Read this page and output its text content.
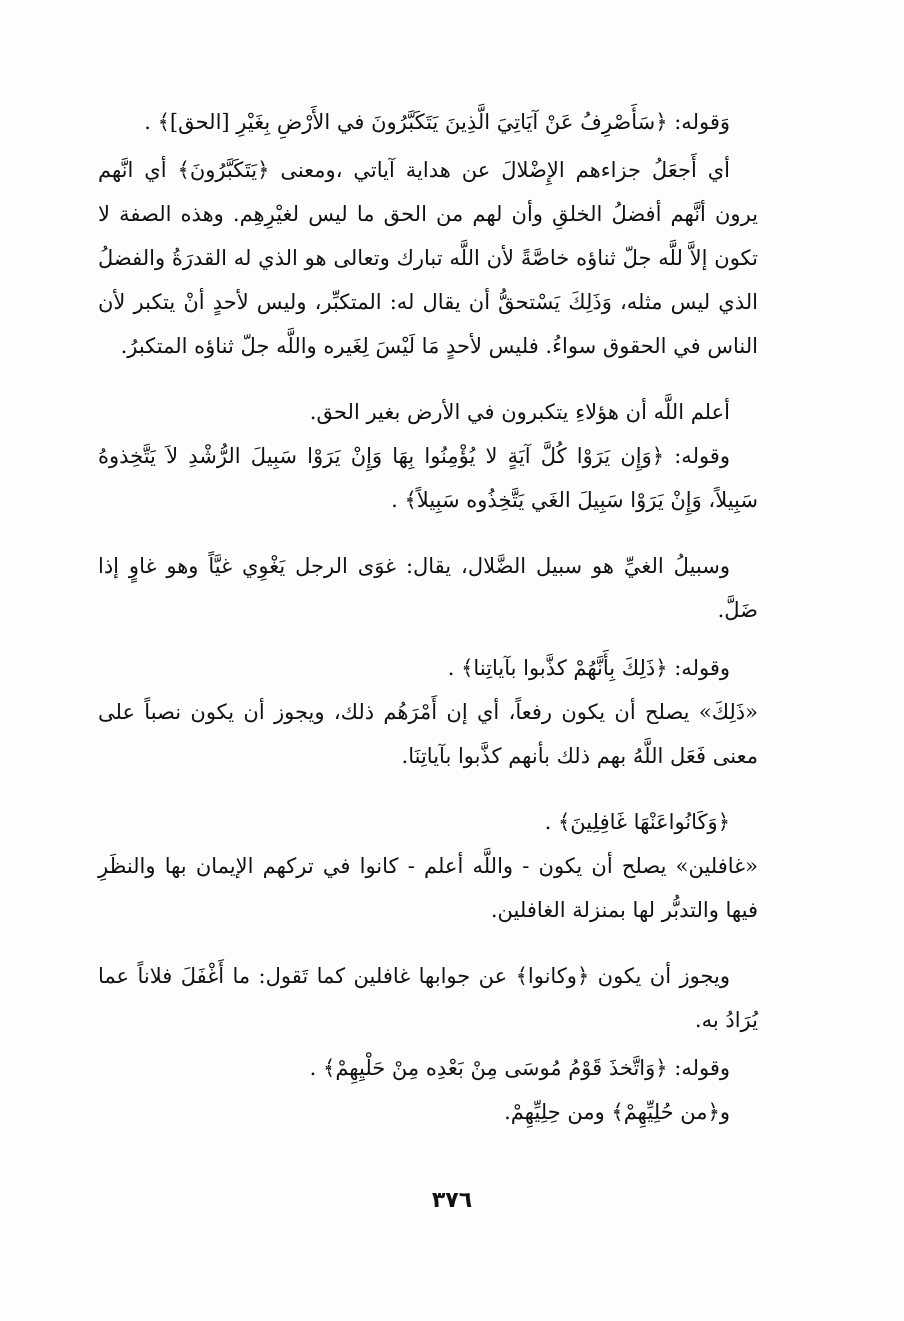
وَقوله: ﴿سَأَصْرِفُ عَنْ آيَاتِيَ الَّذِينَ يَتَكَبَّرُونَ في الأَرْضِ بِغَيْرِ [الحق]﴾ .

أي أَجعَلُ جزاءهم الإِضْلالَ عن هداية آياتي ،ومعنى ﴿يَتَكَبَّرُونَ﴾ أي انَّهم يرون أنَّهم أفضلُ الخلقِ وأن لهم من الحق ما ليس لغيْرِهِم. وهذه الصفة لا تكون إلاَّ للَّه جلّ ثناؤه خاصَّةً لأن اللَّه تبارك وتعالى هو الذي له القدرَةُ والفضلُ الذي ليس مثله، وَذَلِكَ يَسْتحقُّ أن يقال له: المتكبِّر، وليس لأحدٍ أنْ يتكبر لأن الناس في الحقوق سواءُ. فليس لأحدٍ مَا لَيْسَ لِغَيره واللَّه جلّ ثناؤه المتكبرُ.

أعلم اللَّه أن هؤلاءِ يتكبرون في الأرض بغير الحق.

وقوله: ﴿وَإِن يَرَوْا كُلَّ آيَةٍ لا يُؤْمِنُوا بِهَا وَإِنْ يَرَوْا سَبِيلَ الرُّشْدِ لاَ يَتَّخِذوهُ سَبِيلاً، وَإِنْ يَرَوْا سَبِيلَ الغَي يَتَّخِذُوه سَبِيلاً﴾ .

وسبيلُ الغيِّ هو سبيل الضَّلال، يقال: غوَى الرجل يَغْوِي غيَّاً وهو غاوٍ إذا ضَلَّ.

وقوله: ﴿ذَلِكَ بِأَنَّهُمْ كذَّبوا بآياتِنا﴾ .

«ذَلِكَ» يصلح أن يكون رفعاً، أي إن أَمْرَهُم ذلك، ويجوز أن يكون نصباً على معنى فَعَل اللَّهُ بهم ذلك بأنهم كذَّبوا بآياتِنَا.

﴿وَكَانُواعَنْهَا غَافِلِينَ﴾ .

«غافلين» يصلح أن يكون - واللَّه أعلم - كانوا في تركهم الإيمان بها والنظَرِ فيها والتدبُّر لها بمنزلة الغافلين.

ويجوز أن يكون ﴿وكانوا﴾ عن جوابها غافلين كما تَقول: ما أَغْفَلَ فلاناً عما يُرَادُ به.

وقوله: ﴿وَاتَّخذَ قَوْمُ مُوسَى مِنْ بَعْدِه مِنْ حَلْيِهِمْ﴾ .

و﴿من حُلِيِّهِمْ﴾ ومن حِلِيِّهِمْ.

٣٧٦
